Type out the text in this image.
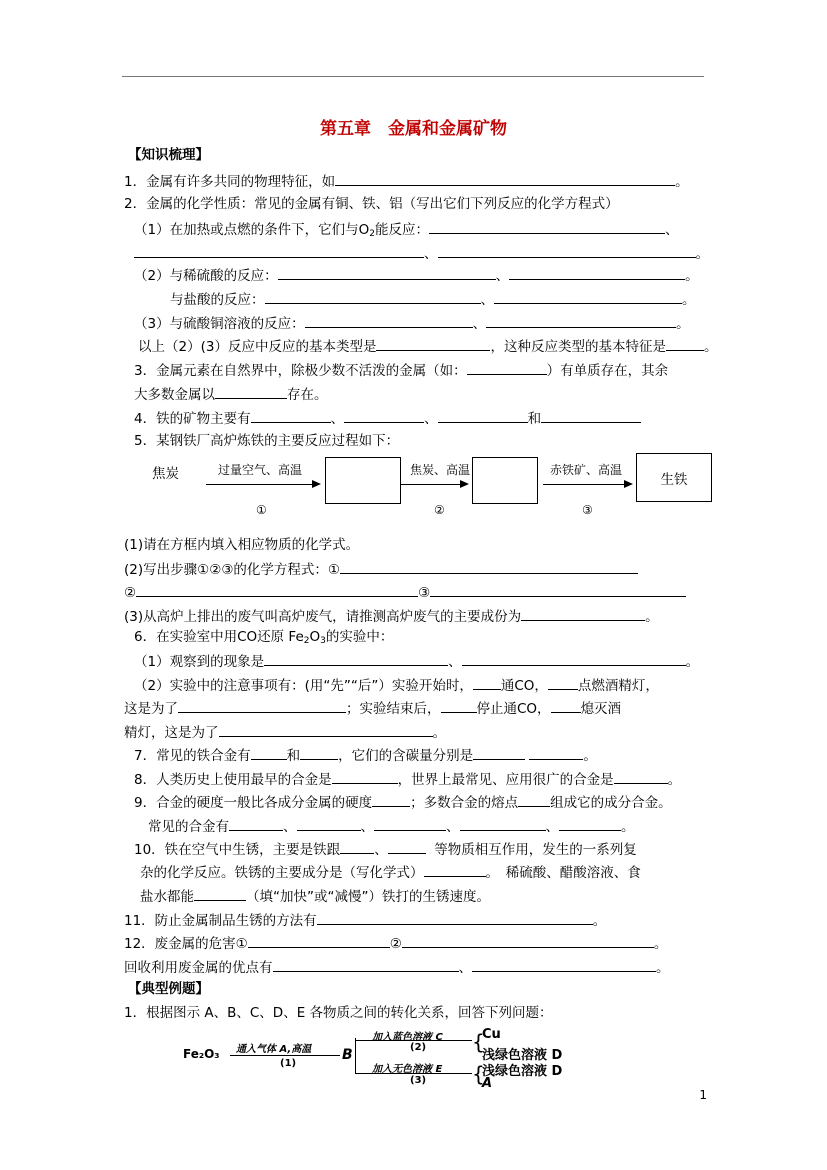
第五章　金属和金属矿物
【知识梳理】
1．金属有许多共同的物理特征，如	。
2．金属的化学性质：常见的金属有铜、铁、铝（写出它们下列反应的化学方程式）
（1）在加热或点燃的条件下，它们与$O_2$能反应：	、
、	。
（2）与稀硫酸的反应：	、	。
与盐酸的反应：	、	。
（3）与硫酸铜溶液的反应：	、	。
以上（2）(3）反应中反应的基本类型是	，这种反应类型的基本特征是	。
3．金属元素在自然界中，除极少数不活泼的金属（如：	）有单质存在，其余
大多数金属以	存在。
4．铁的矿物主要有	、	、	和
5．某钢铁厂高炉炼铁的主要反应过程如下：
焦炭	过量空气、高温	焦炭、高温	赤铁矿、高温
生铁
①	②	③
(1)请在方框内填入相应物质的化学式。
(2)写出步骤①②③的化学方程式：①
②	③
(3)从高炉上排出的废气叫高炉废气，请推测高炉废气的主要成份为	。
6．在实验室中用CO还原 $Fe_2O_3$的实验中：
（1）观察到的现象是	、	。
（2）实验中的注意事项有：(用“先”“后”）实验开始时， 通CO， 点燃酒精灯，
这是为了	；实验结束后，	停止通CO， 熄灭酒
精灯，这是为了	。
7．常见的铁合金有	和	，它们的含碳量分别是	。
8．人类历史上使用最早的合金是	，世界上最常见、应用很广的合金是	。
9．合金的硬度一般比各成分金属的硬度	；多数合金的熔点 组成它的成分合金。
常见的合金有	、	、	、	、	。
10．铁在空气中生锈，主要是铁跟	、	等物质相互作用，发生的一系列复
杂的化学反应。铁锈的主要成分是（写化学式）	。　稀硫酸、醋酸溶液、食
盐水都能	（填“加快”或“减慢”）铁打的生锈速度。
11．防止金属制品生锈的方法有	。
12．废金属的危害①	②	。
回收利用废金属的优点有	、	。
【典型例题】
1．根据图示 A、B、C、D、E 各物质之间的转化关系，回答下列问题：
Fe₂O₃ 通入气体 A,高温
(1)
B
加入蓝色溶液 C
(2)
加入无色溶液 E
(3)
{
{
Cu
浅绿色溶液 D
浅绿色溶液 D
A
1
